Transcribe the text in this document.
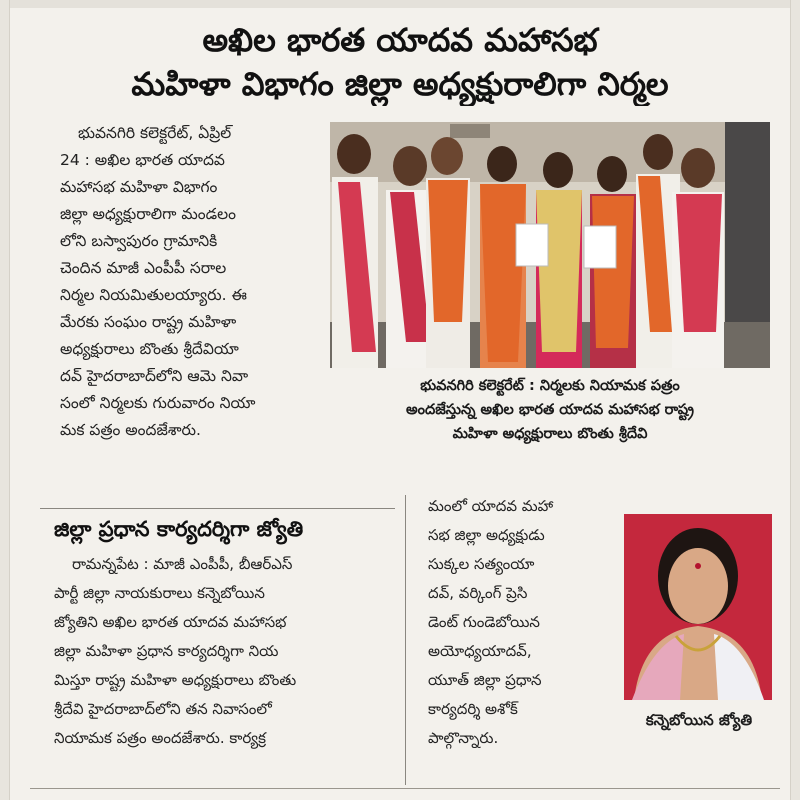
అఖిల భారత యాదవ మహాసభ
మహిళా విభాగం జిల్లా అధ్యక్షురాలిగా నిర్మల

భువనగిరి కలెక్టరేట్, ఏప్రిల్

24 : అఖిల భారత యాదవ

మహాసభ మహిళా విభాగం

జిల్లా అధ్యక్షురాలిగా మండలం

లోని బస్వాపురం గ్రామానికి

చెందిన మాజీ ఎంపీపీ సరాల

నిర్మల నియమితులయ్యారు. ఈ

మేరకు సంఘం రాష్ట్ర మహిళా

అధ్యక్షురాలు బొంతు శ్రీదేవియా

దవ్ హైదరాబాద్‌లోని ఆమె నివా

సంలో నిర్మలకు గురువారం నియా

మక పత్రం అందజేశారు.

భువనగిరి కలెక్టరేట్ : నిర్మలకు నియామక పత్రం

అందజేస్తున్న అఖిల భారత యాదవ మహాసభ రాష్ట్ర

మహిళా అధ్యక్షురాలు బొంతు శ్రీదేవి

జిల్లా ప్రధాన కార్యదర్శిగా జ్యోతి

రామన్నపేట : మాజీ ఎంపీపీ, బీఆర్ఎస్

పార్టీ జిల్లా నాయకురాలు కన్నెబోయిన

జ్యోతిని అఖిల భారత యాదవ మహాసభ

జిల్లా మహిళా ప్రధాన కార్యదర్శిగా నియ

మిస్తూ రాష్ట్ర మహిళా అధ్యక్షురాలు బొంతు

శ్రీదేవి హైదరాబాద్‌లోని తన నివాసంలో

నియామక పత్రం అందజేశారు. కార్యక్ర

మంలో యాదవ మహా

సభ జిల్లా అధ్యక్షుడు

సుక్కల సత్యంయా

దవ్, వర్కింగ్ ప్రెసి

డెంట్ గుండెబోయిన

అయోధ్యయాదవ్,

యూత్ జిల్లా ప్రధాన

కార్యదర్శి అశోక్

పాల్గొన్నారు.

కన్నెబోయిన జ్యోతి
